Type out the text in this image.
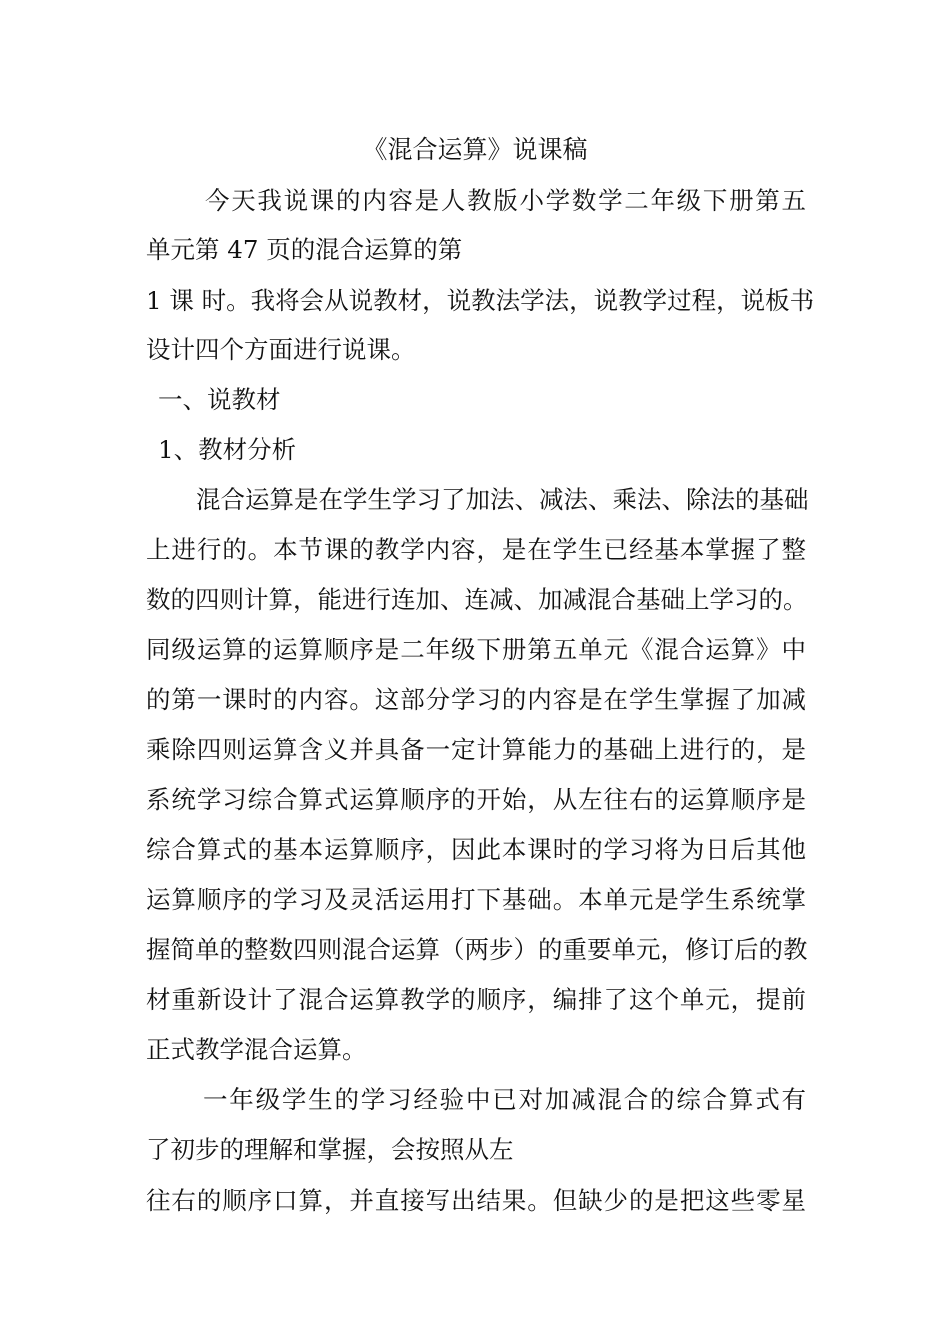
《混合运算》说课稿
今天我说课的内容是人教版小学数学二年级下册第五
单元第 47 页的混合运算的第
1 课 时。我将会从说教材，说教法学法，说教学过程，说板书
设计四个方面进行说课。
一、说教材
1、教材分析
混合运算是在学生学习了加法、减法、乘法、除法的基础
上进行的。本节课的教学内容，是在学生已经基本掌握了整
数的四则计算，能进行连加、连减、加减混合基础上学习的。
同级运算的运算顺序是二年级下册第五单元《混合运算》中
的第一课时的内容。这部分学习的内容是在学生掌握了加减
乘除四则运算含义并具备一定计算能力的基础上进行的，是
系统学习综合算式运算顺序的开始，从左往右的运算顺序是
综合算式的基本运算顺序，因此本课时的学习将为日后其他
运算顺序的学习及灵活运用打下基础。本单元是学生系统掌
握简单的整数四则混合运算（两步）的重要单元，修订后的教
材重新设计了混合运算教学的顺序，编排了这个单元，提前
正式教学混合运算。
一年级学生的学习经验中已对加减混合的综合算式有
了初步的理解和掌握，会按照从左
往右的顺序口算，并直接写出结果。但缺少的是把这些零星
